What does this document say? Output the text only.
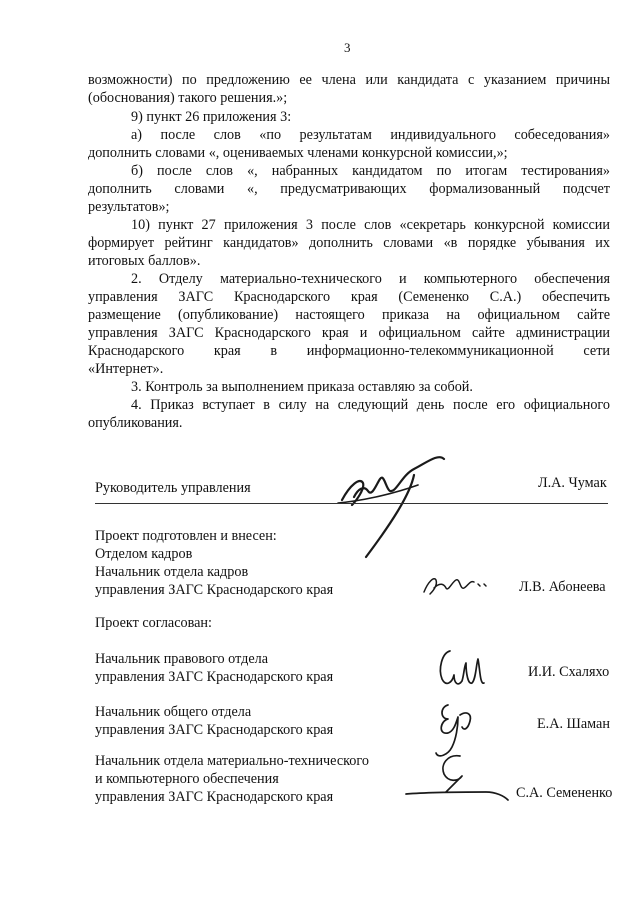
3
возможности) по предложению ее члена или кандидата с указанием причины
(обоснования) такого решения.»;
9) пункт 26 приложения 3:
а) после слов «по результатам индивидуального собеседования»
дополнить словами «, оцениваемых членами конкурсной комиссии,»;
б) после слов «, набранных кандидатом по итогам тестирования»
дополнить словами «, предусматривающих формализованный подсчет
результатов»;
10) пункт 27 приложения 3 после слов «секретарь конкурсной комиссии
формирует рейтинг кандидатов» дополнить словами «в порядке убывания их
итоговых баллов».
2. Отделу материально-технического и компьютерного обеспечения
управления ЗАГС Краснодарского края (Семененко С.А.) обеспечить
размещение (опубликование) настоящего приказа на официальном сайте
управления ЗАГС Краснодарского края и официальном сайте администрации
Краснодарского края в информационно-телекоммуникационной сети
«Интернет».
3. Контроль за выполнением приказа оставляю за собой.
4. Приказ вступает в силу на следующий день после его официального
опубликования.
Руководитель управления	Л.А. Чумак
Проект подготовлен и внесен:
Отделом кадров
Начальник отдела кадров
управления ЗАГС Краснодарского края	Л.В. Абонеева
Проект согласован:
Начальник правового отдела
управления ЗАГС Краснодарского края	И.И. Схаляхо
Начальник общего отдела
управления ЗАГС Краснодарского края	Е.А. Шаман
Начальник отдела материально-технического
и компьютерного обеспечения
управления ЗАГС Краснодарского края	С.А. Семененко
